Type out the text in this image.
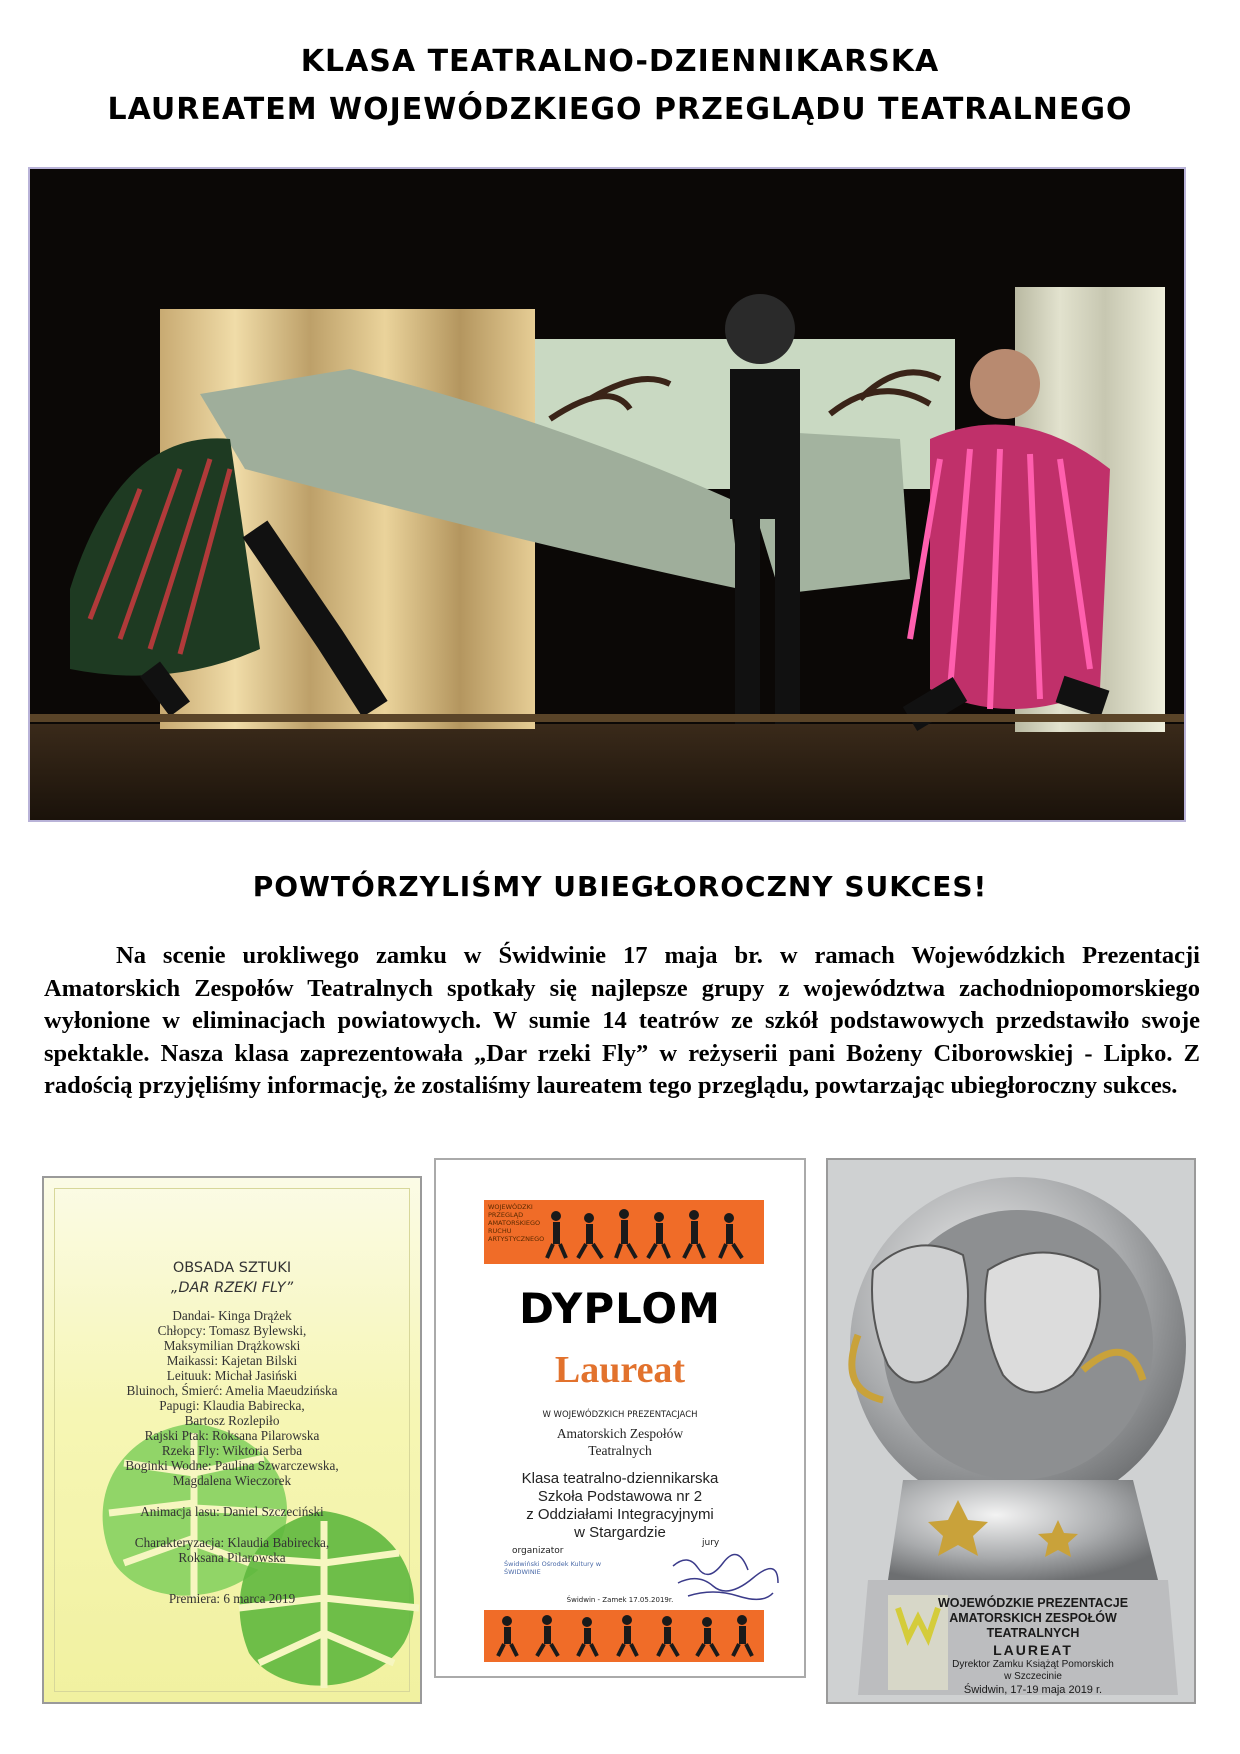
KLASA TEATRALNO-DZIENNIKARSKA
LAUREATEM WOJEWÓDZKIEGO PRZEGLĄDU TEATRALNEGO
POWTÓRZYLIŚMY UBIEGŁOROCZNY SUKCES!
Na scenie urokliwego zamku w Świdwinie 17 maja br. w ramach Wojewódzkich Prezentacji Amatorskich Zespołów Teatralnych spotkały się najlepsze grupy z województwa zachodniopomorskiego wyłonione w eliminacjach powiatowych. W sumie 14 teatrów ze szkół podstawowych przedstawiło swoje spektakle. Nasza klasa zaprezentowała „Dar rzeki Fly” w reżyserii pani Bożeny Ciborowskiej - Lipko. Z radością przyjęliśmy informację, że zostaliśmy laureatem tego przeglądu, powtarzając ubiegłoroczny sukces.
OBSADA SZTUKI
„DAR RZEKI FLY”
Dandai- Kinga Drążek
Chłopcy: Tomasz Bylewski,
Maksymilian Drążkowski
Maikassi: Kajetan Bilski
Leituuk: Michał Jasiński
Bluinoch, Śmierć: Amelia Maeudzińska
Papugi: Klaudia Babirecka,
Bartosz Rozlepiło
Rajski Ptak: Roksana Pilarowska
Rzeka Fly: Wiktoria Serba
Boginki Wodne: Paulina Szwarczewska,
Magdalena Wieczorek
Animacja lasu: Daniel Szczeciński
Charakteryzacja: Klaudia Babirecka,
Roksana Pilarowska
Premiera: 6 marca 2019
WOJEWÓDZKI PRZEGLĄD AMATORSKIEGO RUCHU ARTYSTYCZNEGO
DYPLOM
Laureat
W WOJEWÓDZKICH PREZENTACJACH
Amatorskich Zespołów
Teatralnych
Klasa teatralno-dziennikarska
Szkoła Podstawowa nr 2
z Oddziałami Integracyjnymi
w Stargardzie
organizator
jury
Świdwiński Ośrodek Kultury w ŚWIDWINIE
Świdwin - Zamek 17.05.2019r.	WOJEWÓDZKIE PREZENTACJE
AMATORSKICH ZESPOŁÓW
TEATRALNYCH
LAUREAT
Dyrektor Zamku Książąt Pomorskich
w Szczecinie
Świdwin, 17-19 maja 2019 r.
